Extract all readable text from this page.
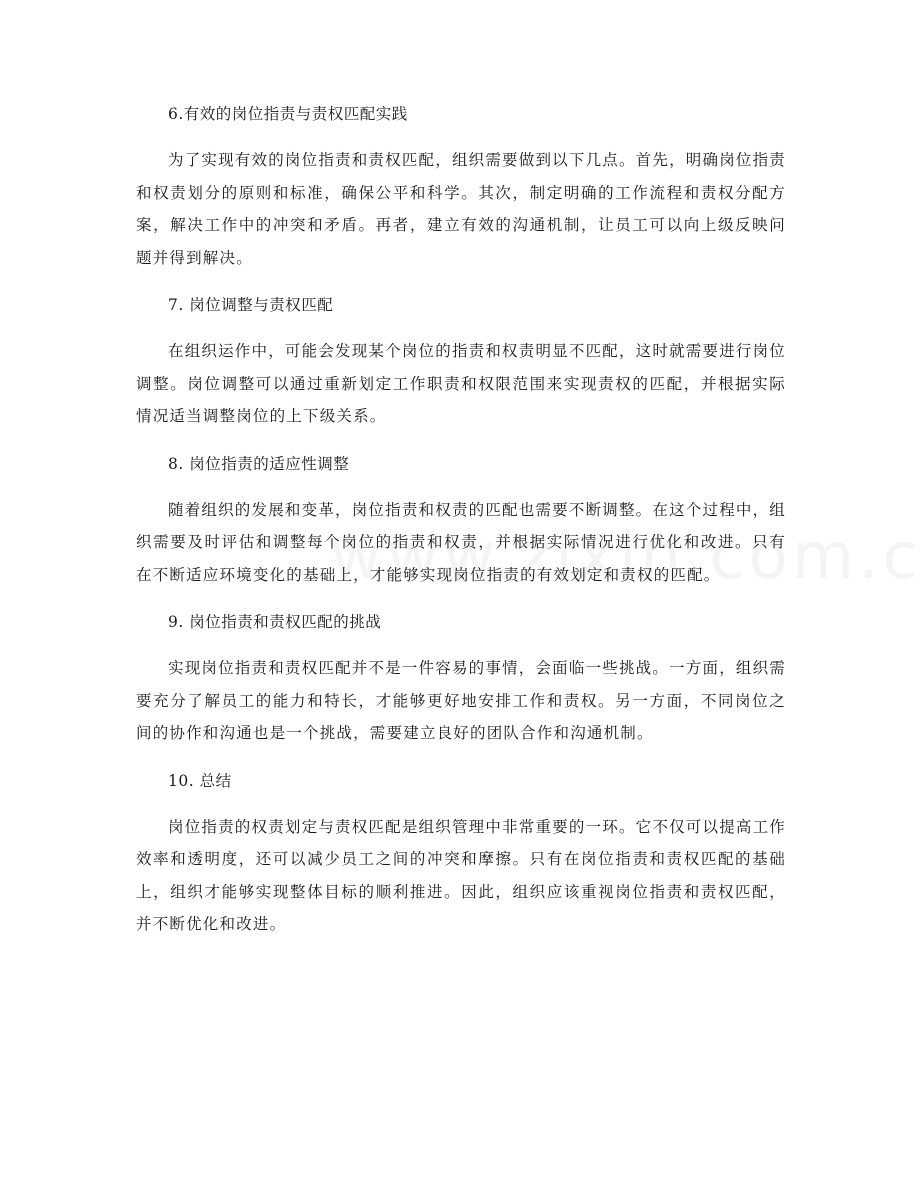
6.有效的岗位指责与责权匹配实践
为了实现有效的岗位指责和责权匹配，组织需要做到以下几点。首先，明确岗位指责和权责划分的原则和标准，确保公平和科学。其次，制定明确的工作流程和责权分配方案，解决工作中的冲突和矛盾。再者，建立有效的沟通机制，让员工可以向上级反映问题并得到解决。
7. 岗位调整与责权匹配
在组织运作中，可能会发现某个岗位的指责和权责明显不匹配，这时就需要进行岗位调整。岗位调整可以通过重新划定工作职责和权限范围来实现责权的匹配，并根据实际情况适当调整岗位的上下级关系。
8. 岗位指责的适应性调整
随着组织的发展和变革，岗位指责和权责的匹配也需要不断调整。在这个过程中，组织需要及时评估和调整每个岗位的指责和权责，并根据实际情况进行优化和改进。只有在不断适应环境变化的基础上，才能够实现岗位指责的有效划定和责权的匹配。
9. 岗位指责和责权匹配的挑战
实现岗位指责和责权匹配并不是一件容易的事情，会面临一些挑战。一方面，组织需要充分了解员工的能力和特长，才能够更好地安排工作和责权。另一方面，不同岗位之间的协作和沟通也是一个挑战，需要建立良好的团队合作和沟通机制。
10. 总结
岗位指责的权责划定与责权匹配是组织管理中非常重要的一环。它不仅可以提高工作效率和透明度，还可以减少员工之间的冲突和摩擦。只有在岗位指责和责权匹配的基础上，组织才能够实现整体目标的顺利推进。因此，组织应该重视岗位指责和责权匹配，并不断优化和改进。
